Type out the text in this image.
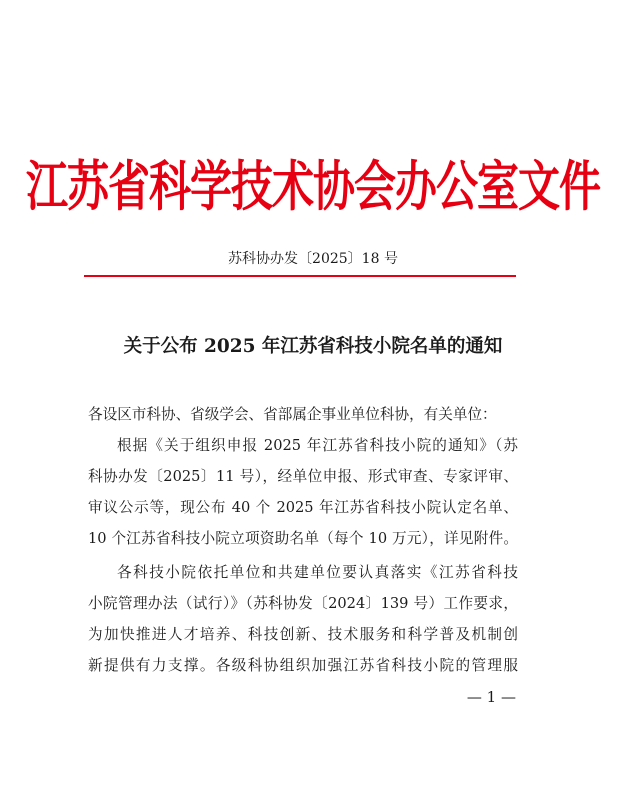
江苏省科学技术协会办公室文件
苏科协办发〔2025〕18 号
关于公布 2025 年江苏省科技小院名单的通知
各设区市科协、省级学会、省部属企事业单位科协，有关单位：
根据《关于组织申报 2025 年江苏省科技小院的通知》（苏
科协办发〔2025〕11 号），经单位申报、形式审查、专家评审、
审议公示等，现公布 40 个 2025 年江苏省科技小院认定名单、
10 个江苏省科技小院立项资助名单（每个 10 万元），详见附件。
各科技小院依托单位和共建单位要认真落实《江苏省科技
小院管理办法（试行）》（苏科协发〔2024〕139 号）工作要求，
为加快推进人才培养、科技创新、技术服务和科学普及机制创
新提供有力支撑。各级科协组织加强江苏省科技小院的管理服
— 1 —
